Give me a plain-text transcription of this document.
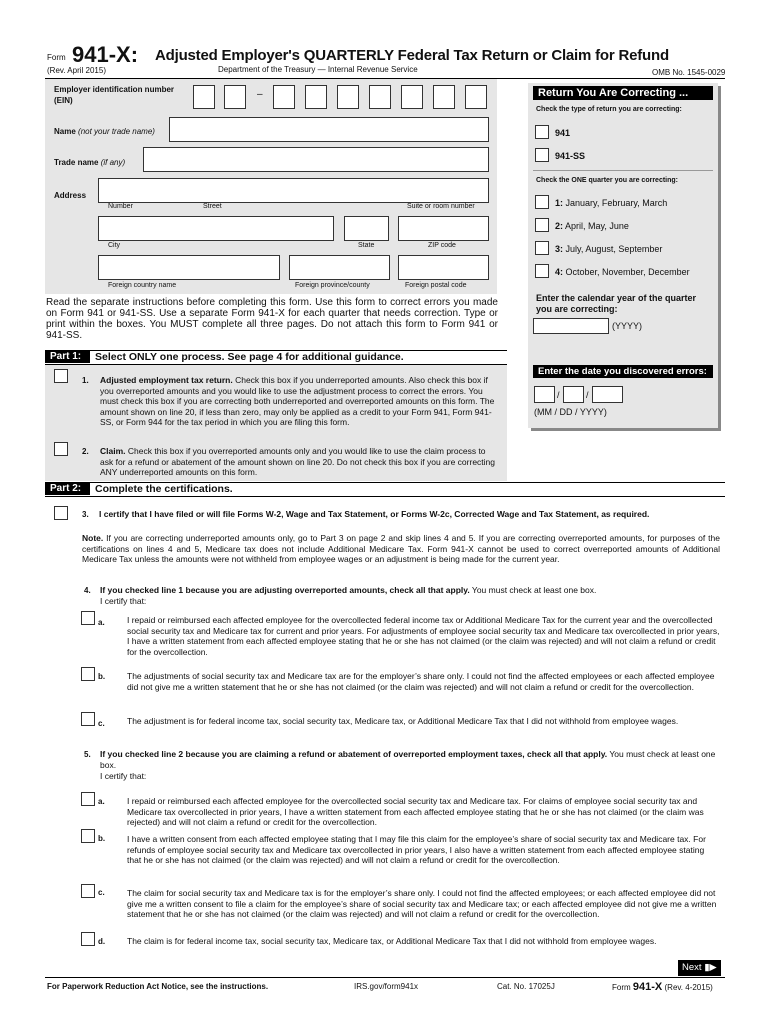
Form 941-X:
(Rev. April 2015)
Adjusted Employer's QUARTERLY Federal Tax Return or Claim for Refund
Department of the Treasury — Internal Revenue Service	OMB No. 1545-0029
Employer identification number
(EIN)
–
Name (not your trade name)
Trade name (if any)
Address
Number	Street	Suite or room number
City	State	ZIP code
Foreign country name	Foreign province/county	Foreign postal code
Read the separate instructions before completing this form. Use this form to correct errors you made on Form 941 or 941-SS. Use a separate Form 941-X for each quarter that needs correction. Type or print within the boxes. You MUST complete all three pages. Do not attach this form to Form 941 or 941-SS.
Return You Are Correcting ...
Check the type of return you are correcting:
941
941-SS
Check the ONE quarter you are correcting:
1: January, February, March
2: April, May, June
3: July, August, September
4: October, November, December
Enter the calendar year of the quarter you are correcting:
(YYYY)
Enter the date you discovered errors:
/	/
(MM / DD / YYYY)
Part 1:	Select ONLY one process. See page 4 for additional guidance.
1. Adjusted employment tax return. Check this box if you underreported amounts. Also check this box if you overreported amounts and you would like to use the adjustment process to correct the errors. You must check this box if you are correcting both underreported and overreported amounts on this form. The amount shown on line 20, if less than zero, may only be applied as a credit to your Form 941, Form 941-SS, or Form 944 for the tax period in which you are filing this form.
2. Claim. Check this box if you overreported amounts only and you would like to use the claim process to ask for a refund or abatement of the amount shown on line 20. Do not check this box if you are correcting ANY underreported amounts on this form.
Part 2:	Complete the certifications.
3. I certify that I have filed or will file Forms W-2, Wage and Tax Statement, or Forms W-2c, Corrected Wage and Tax Statement, as required.
Note. If you are correcting underreported amounts only, go to Part 3 on page 2 and skip lines 4 and 5. If you are correcting overreported amounts, for purposes of the certifications on lines 4 and 5, Medicare tax does not include Additional Medicare Tax. Form 941-X cannot be used to correct overreported amounts of Additional Medicare Tax unless the amounts were not withheld from employee wages or an adjustment is being made for the current year.
4. If you checked line 1 because you are adjusting overreported amounts, check all that apply. You must check at least one box.
I certify that:
a.	I repaid or reimbursed each affected employee for the overcollected federal income tax or Additional Medicare Tax for the current year and the overcollected social security tax and Medicare tax for current and prior years. For adjustments of employee social security tax and Medicare tax overcollected in prior years, I have a written statement from each affected employee stating that he or she has not claimed (or the claim was rejected) and will not claim a refund or credit for the overcollection.
b.	The adjustments of social security tax and Medicare tax are for the employer’s share only. I could not find the affected employees or each affected employee did not give me a written statement that he or she has not claimed (or the claim was rejected) and will not claim a refund or credit for the overcollection.
c.	The adjustment is for federal income tax, social security tax, Medicare tax, or Additional Medicare Tax that I did not withhold from employee wages.
5. If you checked line 2 because you are claiming a refund or abatement of overreported employment taxes, check all that apply. You must check at least one box.
I certify that:
a.	I repaid or reimbursed each affected employee for the overcollected social security tax and Medicare tax. For claims of employee social security tax and Medicare tax overcollected in prior years, I have a written statement from each affected employee stating that he or she has not claimed (or the claim was rejected) and will not claim a refund or credit for the overcollection.
b.	I have a written consent from each affected employee stating that I may file this claim for the employee’s share of social security tax and Medicare tax. For refunds of employee social security tax and Medicare tax overcollected in prior years, I also have a written statement from each affected employee stating that he or she has not claimed (or the claim was rejected) and will not claim a refund or credit for the overcollection.
c.	The claim for social security tax and Medicare tax is for the employer’s share only. I could not find the affected employees; or each affected employee did not give me a written consent to file a claim for the employee’s share of social security tax and Medicare tax; or each affected employee did not give me a written statement that he or she has not claimed (or the claim was rejected) and will not claim a refund or credit for the overcollection.
d.	The claim is for federal income tax, social security tax, Medicare tax, or Additional Medicare Tax that I did not withhold from employee wages.
Next ▮▶
For Paperwork Reduction Act Notice, see the instructions.	IRS.gov/form941x	Cat. No. 17025J	Form 941-X (Rev. 4-2015)
